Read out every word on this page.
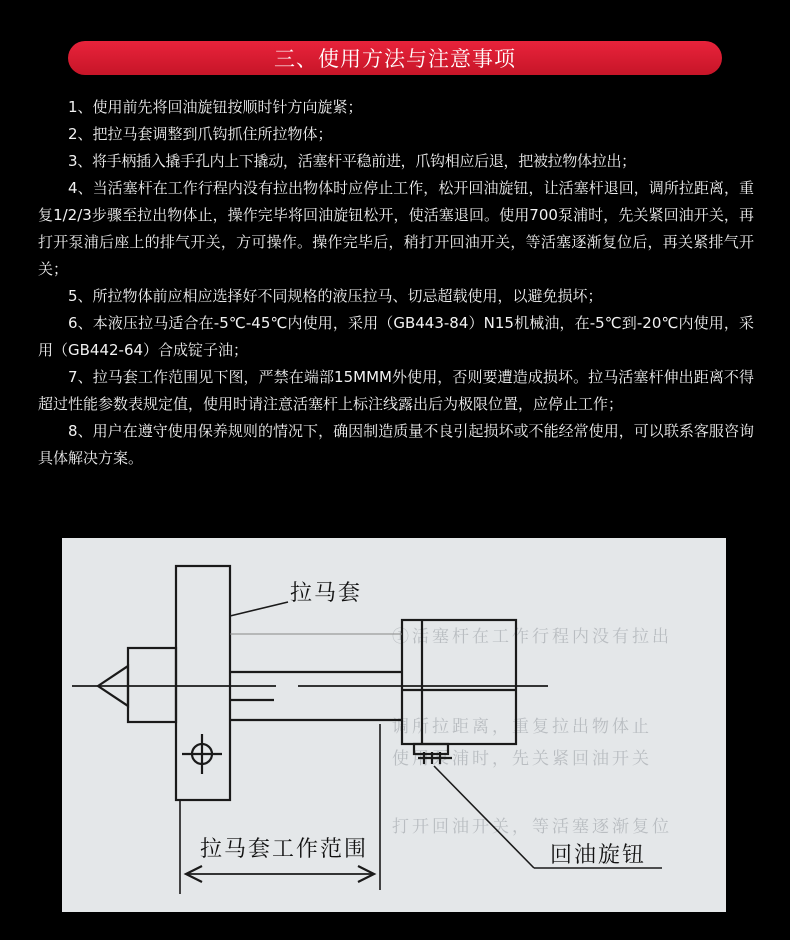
三、使用方法与注意事项

1、使用前先将回油旋钮按顺时针方向旋紧；

2、把拉马套调整到爪钩抓住所拉物体；

3、将手柄插入撬手孔内上下撬动，活塞杆平稳前进，爪钩相应后退，把被拉物体拉出；

4、当活塞杆在工作行程内没有拉出物体时应停止工作，松开回油旋钮，让活塞杆退回，调所拉距离，重复1/2/3步骤至拉出物体止，操作完毕将回油旋钮松开，使活塞退回。使用700泵浦时，先关紧回油开关，再打开泵浦后座上的排气开关，方可操作。操作完毕后，稍打开回油开关，等活塞逐渐复位后，再关紧排气开关；

5、所拉物体前应相应选择好不同规格的液压拉马、切忌超载使用，以避免损坏；

6、本液压拉马适合在-5℃-45℃内使用，采用（GB443-84）N15机械油，在-5℃到-20℃内使用，采用（GB442-64）合成锭子油；

7、拉马套工作范围见下图，严禁在端部15MMM外使用，否则要遭造成损坏。拉马活塞杆伸出距离不得超过性能参数表规定值，使用时请注意活塞杆上标注线露出后为极限位置，应停止工作；

8、用户在遵守使用保养规则的情况下，确因制造质量不良引起损坏或不能经常使用，可以联系客服咨询具体解决方案。

①活塞杆在工作行程内没有拉出
调所拉距离，重复拉出物体止
使用泵浦时，先关紧回油开关
打开回油开关，等活塞逐渐复位
拉马套
拉马套工作范围	回油旋钮
